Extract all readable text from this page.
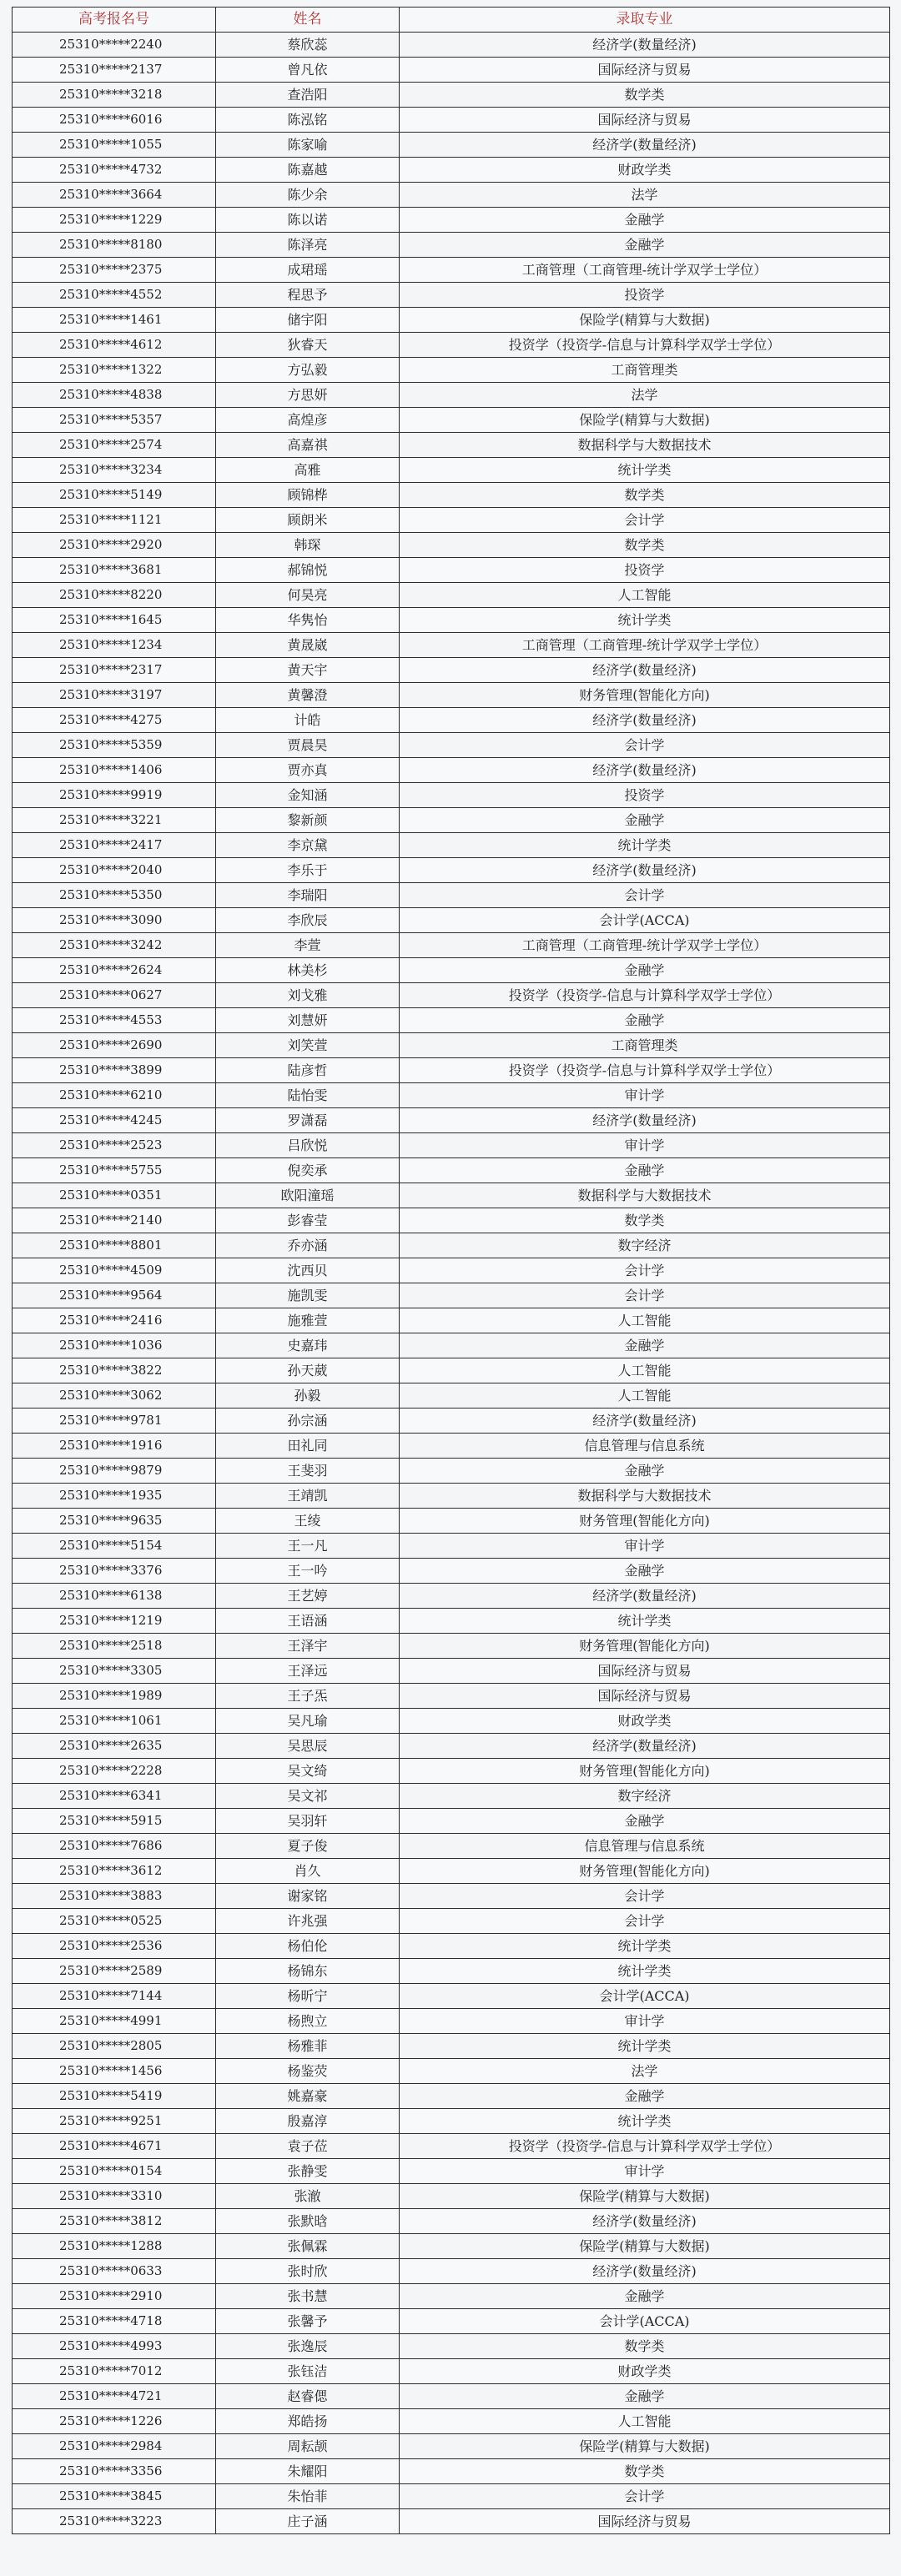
高考报名号	姓名	录取专业
25310*****2240	蔡欣蕊	经济学(数量经济)
25310*****2137	曾凡依	国际经济与贸易
25310*****3218	查浩阳	数学类
25310*****6016	陈泓铭	国际经济与贸易
25310*****1055	陈家喻	经济学(数量经济)
25310*****4732	陈嘉越	财政学类
25310*****3664	陈少余	法学
25310*****1229	陈以诺	金融学
25310*****8180	陈泽亮	金融学
25310*****2375	成珺瑶	工商管理（工商管理-统计学双学士学位）
25310*****4552	程思予	投资学
25310*****1461	储宇阳	保险学(精算与大数据)
25310*****4612	狄睿天	投资学（投资学-信息与计算科学双学士学位）
25310*****1322	方弘毅	工商管理类
25310*****4838	方思妍	法学
25310*****5357	高煌彦	保险学(精算与大数据)
25310*****2574	高嘉祺	数据科学与大数据技术
25310*****3234	高雅	统计学类
25310*****5149	顾锦桦	数学类
25310*****1121	顾朗米	会计学
25310*****2920	韩琛	数学类
25310*****3681	郝锦悦	投资学
25310*****8220	何昊亮	人工智能
25310*****1645	华隽怡	统计学类
25310*****1234	黄晟崴	工商管理（工商管理-统计学双学士学位）
25310*****2317	黄天宇	经济学(数量经济)
25310*****3197	黄馨澄	财务管理(智能化方向)
25310*****4275	计皓	经济学(数量经济)
25310*****5359	贾晨昊	会计学
25310*****1406	贾亦真	经济学(数量经济)
25310*****9919	金知涵	投资学
25310*****3221	黎新颜	金融学
25310*****2417	李京黛	统计学类
25310*****2040	李乐于	经济学(数量经济)
25310*****5350	李瑞阳	会计学
25310*****3090	李欣辰	会计学(ACCA)
25310*****3242	李萱	工商管理（工商管理-统计学双学士学位）
25310*****2624	林美杉	金融学
25310*****0627	刘戈雅	投资学（投资学-信息与计算科学双学士学位）
25310*****4553	刘慧妍	金融学
25310*****2690	刘笑萱	工商管理类
25310*****3899	陆彦哲	投资学（投资学-信息与计算科学双学士学位）
25310*****6210	陆怡雯	审计学
25310*****4245	罗潇磊	经济学(数量经济)
25310*****2523	吕欣悦	审计学
25310*****5755	倪奕承	金融学
25310*****0351	欧阳潼瑶	数据科学与大数据技术
25310*****2140	彭睿莹	数学类
25310*****8801	乔亦涵	数字经济
25310*****4509	沈西贝	会计学
25310*****9564	施凯雯	会计学
25310*****2416	施雅萱	人工智能
25310*****1036	史嘉玮	金融学
25310*****3822	孙天葳	人工智能
25310*****3062	孙毅	人工智能
25310*****9781	孙宗涵	经济学(数量经济)
25310*****1916	田礼同	信息管理与信息系统
25310*****9879	王斐羽	金融学
25310*****1935	王靖凯	数据科学与大数据技术
25310*****9635	王绫	财务管理(智能化方向)
25310*****5154	王一凡	审计学
25310*****3376	王一吟	金融学
25310*****6138	王艺婷	经济学(数量经济)
25310*****1219	王语涵	统计学类
25310*****2518	王泽宇	财务管理(智能化方向)
25310*****3305	王泽远	国际经济与贸易
25310*****1989	王子炁	国际经济与贸易
25310*****1061	吴凡瑜	财政学类
25310*****2635	吴思辰	经济学(数量经济)
25310*****2228	吴文绮	财务管理(智能化方向)
25310*****6341	吴文祁	数字经济
25310*****5915	吴羽轩	金融学
25310*****7686	夏子俊	信息管理与信息系统
25310*****3612	肖久	财务管理(智能化方向)
25310*****3883	谢家铭	会计学
25310*****0525	许兆强	会计学
25310*****2536	杨伯伦	统计学类
25310*****2589	杨锦东	统计学类
25310*****7144	杨昕宁	会计学(ACCA)
25310*****4991	杨煦立	审计学
25310*****2805	杨雅菲	统计学类
25310*****1456	杨鉴荧	法学
25310*****5419	姚嘉豪	金融学
25310*****9251	殷嘉淳	统计学类
25310*****4671	袁子莅	投资学（投资学-信息与计算科学双学士学位）
25310*****0154	张静雯	审计学
25310*****3310	张澈	保险学(精算与大数据)
25310*****3812	张默晗	经济学(数量经济)
25310*****1288	张佩霖	保险学(精算与大数据)
25310*****0633	张时欣	经济学(数量经济)
25310*****2910	张书慧	金融学
25310*****4718	张馨予	会计学(ACCA)
25310*****4993	张逸辰	数学类
25310*****7012	张钰洁	财政学类
25310*****4721	赵睿偲	金融学
25310*****1226	郑皓扬	人工智能
25310*****2984	周耘颉	保险学(精算与大数据)
25310*****3356	朱耀阳	数学类
25310*****3845	朱怡菲	会计学
25310*****3223	庄子涵	国际经济与贸易
